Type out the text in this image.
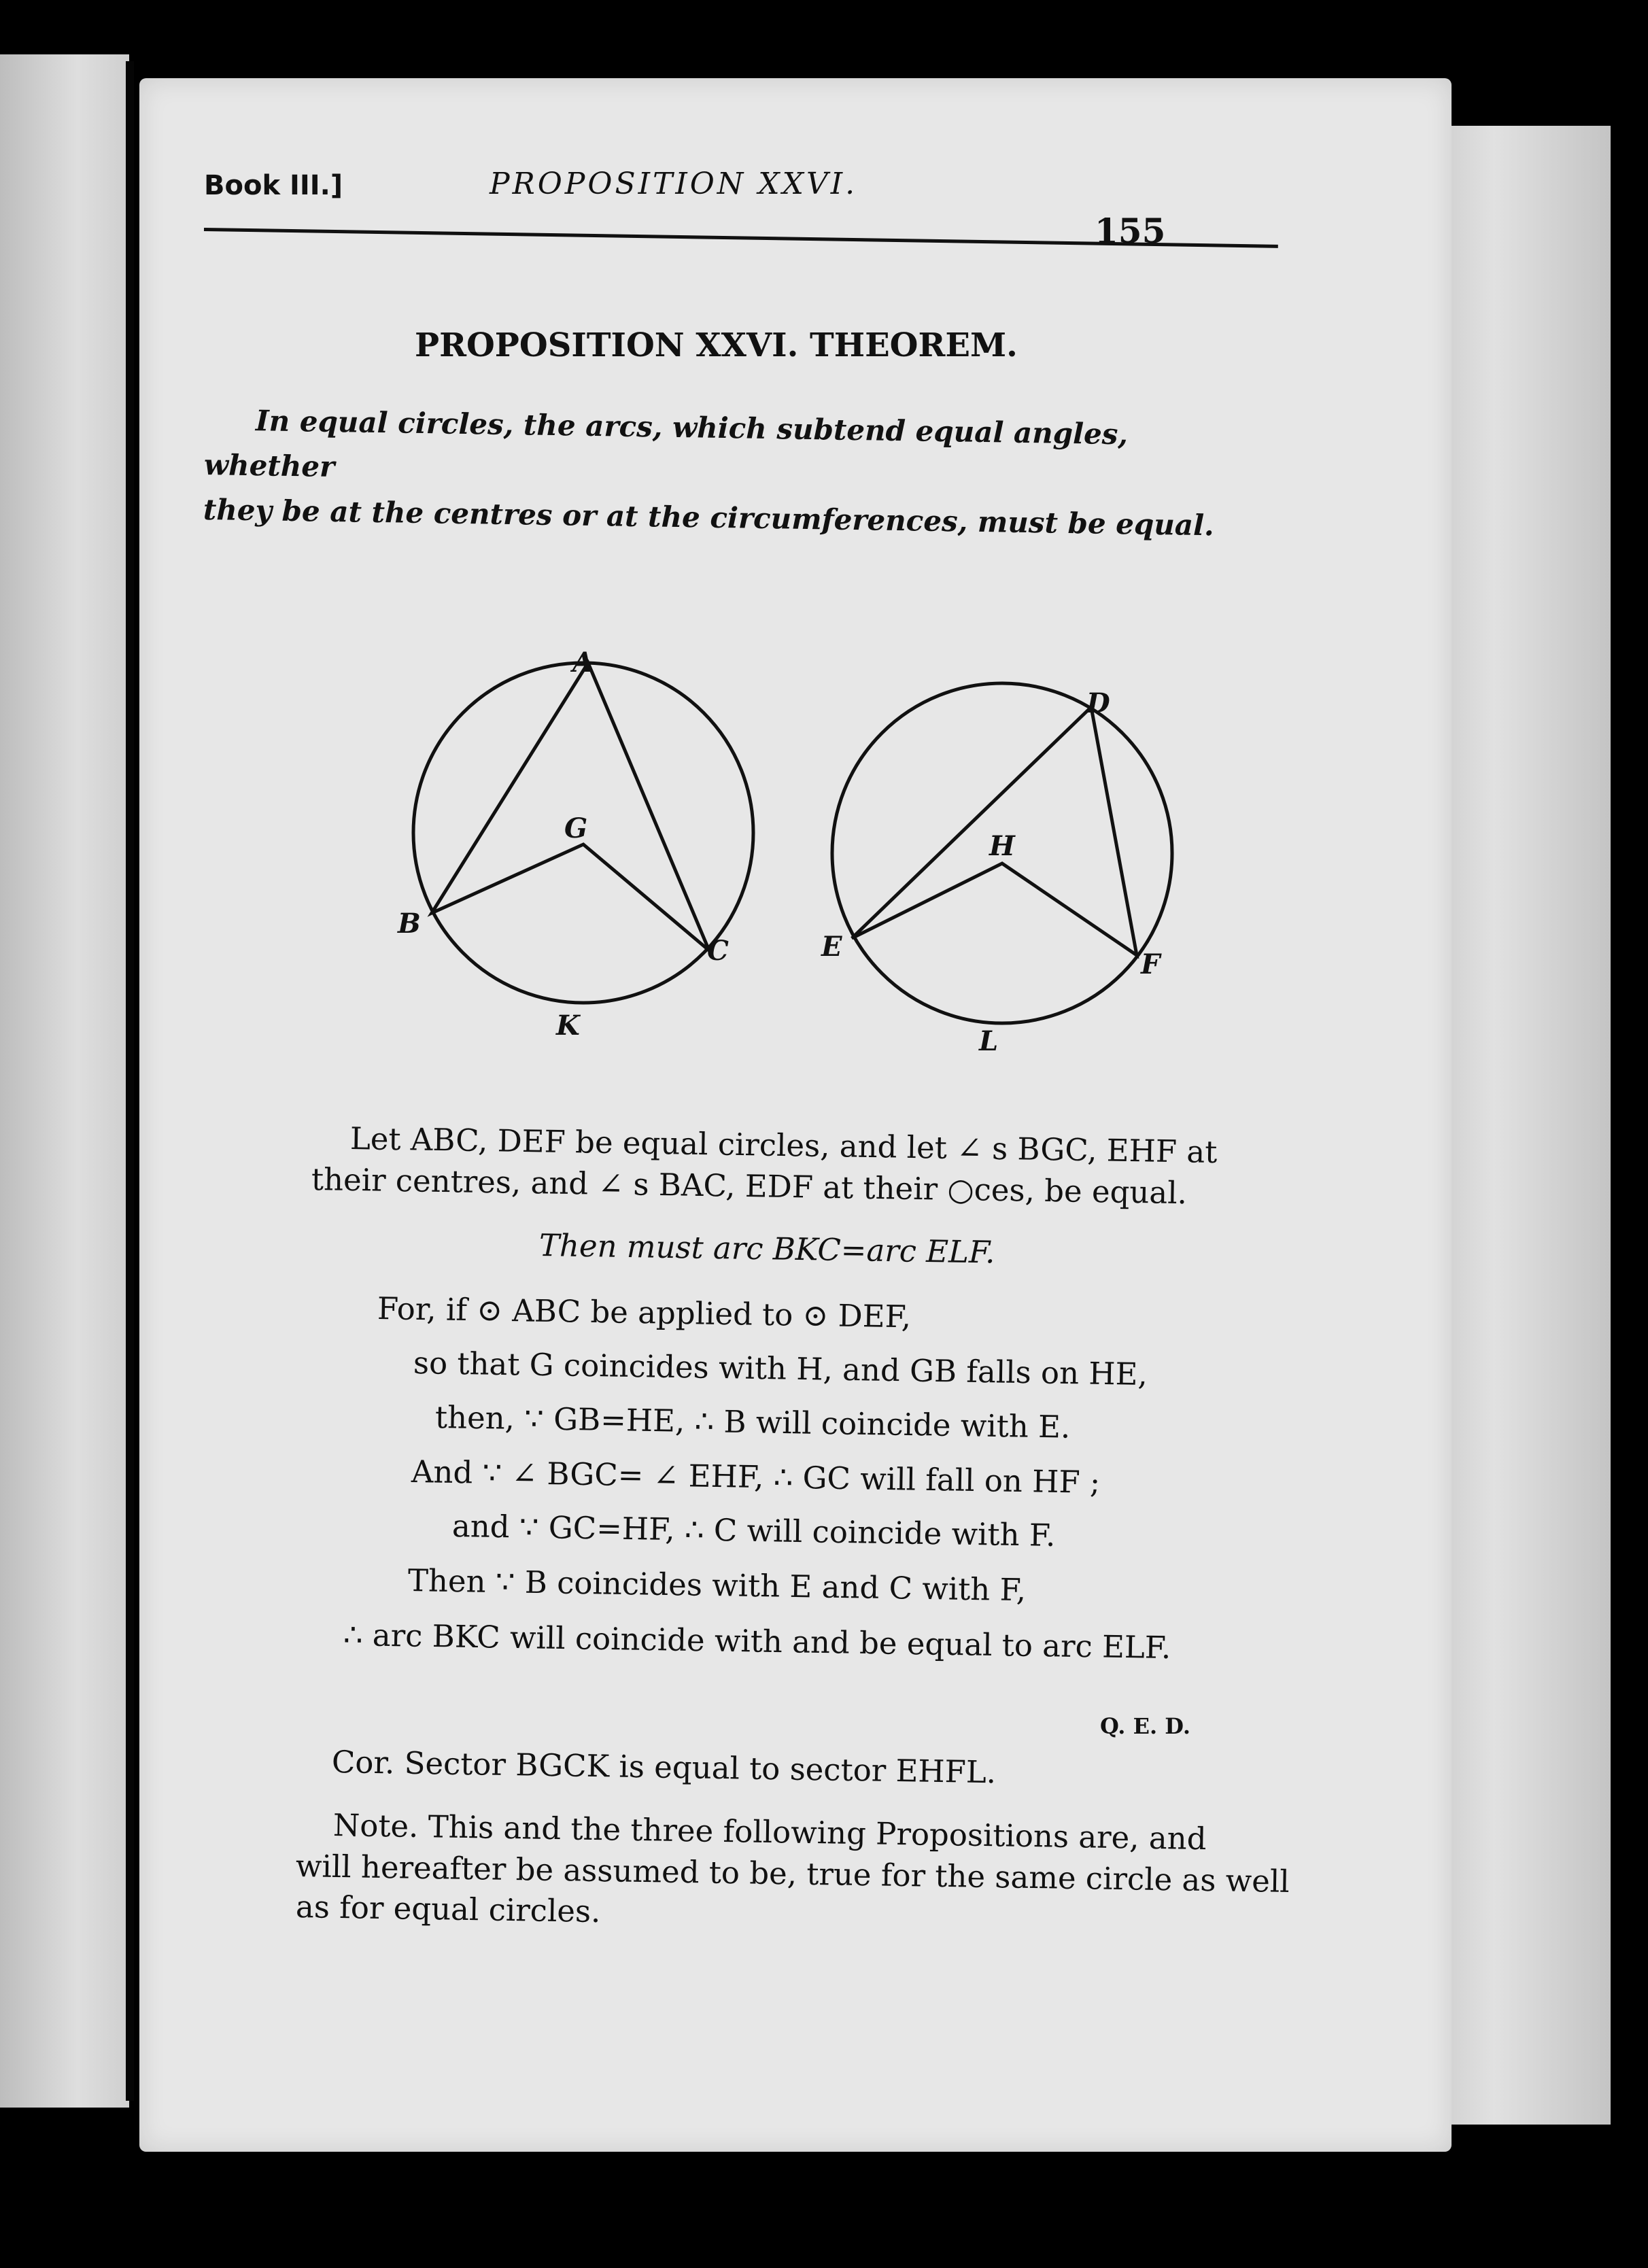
Book III.]	PROPOSITION XXVI.
155
PROPOSITION XXVI. THEOREM.
In equal circles, the arcs, which subtend equal angles, whether
they be at the centres or at the circumferences, must be equal.
A
G
B
C
K
D
H
E
F
L
Let ABC, DEF be equal circles, and let ∠ s BGC, EHF at
their centres, and ∠ s BAC, EDF at their ○ces, be equal.
Then must arc BKC=arc ELF.
For, if ⊙ ABC be applied to ⊙ DEF,
so that G coincides with H, and GB falls on HE,
then, ∵ GB=HE, ∴ B will coincide with E.
And ∵ ∠ BGC= ∠ EHF, ∴ GC will fall on HF ;
and ∵ GC=HF, ∴ C will coincide with F.
Then ∵ B coincides with E and C with F,
∴ arc BKC will coincide with and be equal to arc ELF.
Q. E. D.
Cor. Sector BGCK is equal to sector EHFL.
Note. This and the three following Propositions are, and
will hereafter be assumed to be, true for the same circle as well
as for equal circles.
